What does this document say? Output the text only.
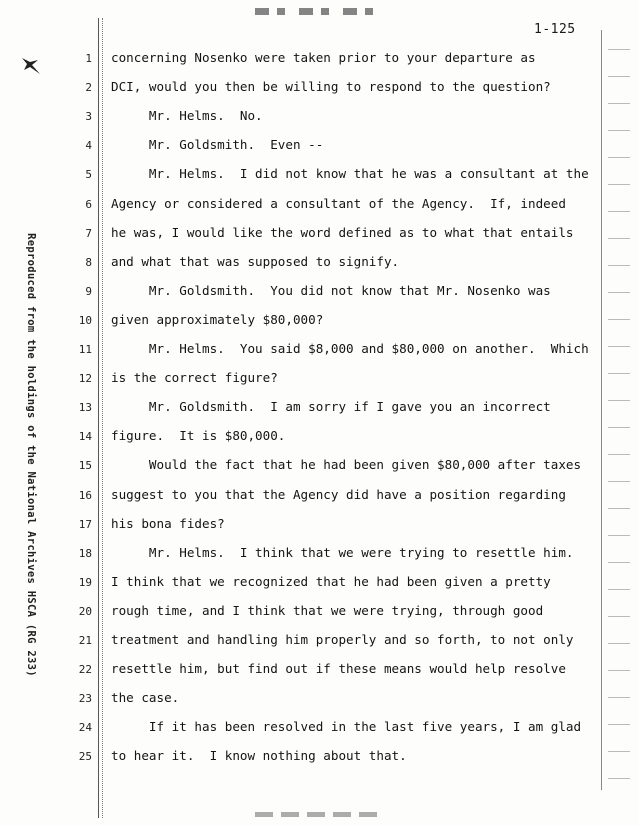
1-125
Reproduced from the holdings of the National Archives HSCA (RG 233)
1 concerning Nosenko were taken prior to your departure as
2 DCI, would you then be willing to respond to the question?
3 Mr. Helms.  No.
4 Mr. Goldsmith.  Even --
5 Mr. Helms.  I did not know that he was a consultant at the
6 Agency or considered a consultant of the Agency.  If, indeed
7 he was, I would like the word defined as to what that entails
8 and what that was supposed to signify.
9 Mr. Goldsmith.  You did not know that Mr. Nosenko was
10 given approximately $80,000?
11 Mr. Helms.  You said $8,000 and $80,000 on another.  Which
12 is the correct figure?
13 Mr. Goldsmith.  I am sorry if I gave you an incorrect
14 figure.  It is $80,000.
15 Would the fact that he had been given $80,000 after taxes
16 suggest to you that the Agency did have a position regarding
17 his bona fides?
18 Mr. Helms.  I think that we were trying to resettle him.
19 I think that we recognized that he had been given a pretty
20 rough time, and I think that we were trying, through good
21 treatment and handling him properly and so forth, to not only
22 resettle him, but find out if these means would help resolve
23 the case.
24 If it has been resolved in the last five years, I am glad
25 to hear it.  I know nothing about that.
